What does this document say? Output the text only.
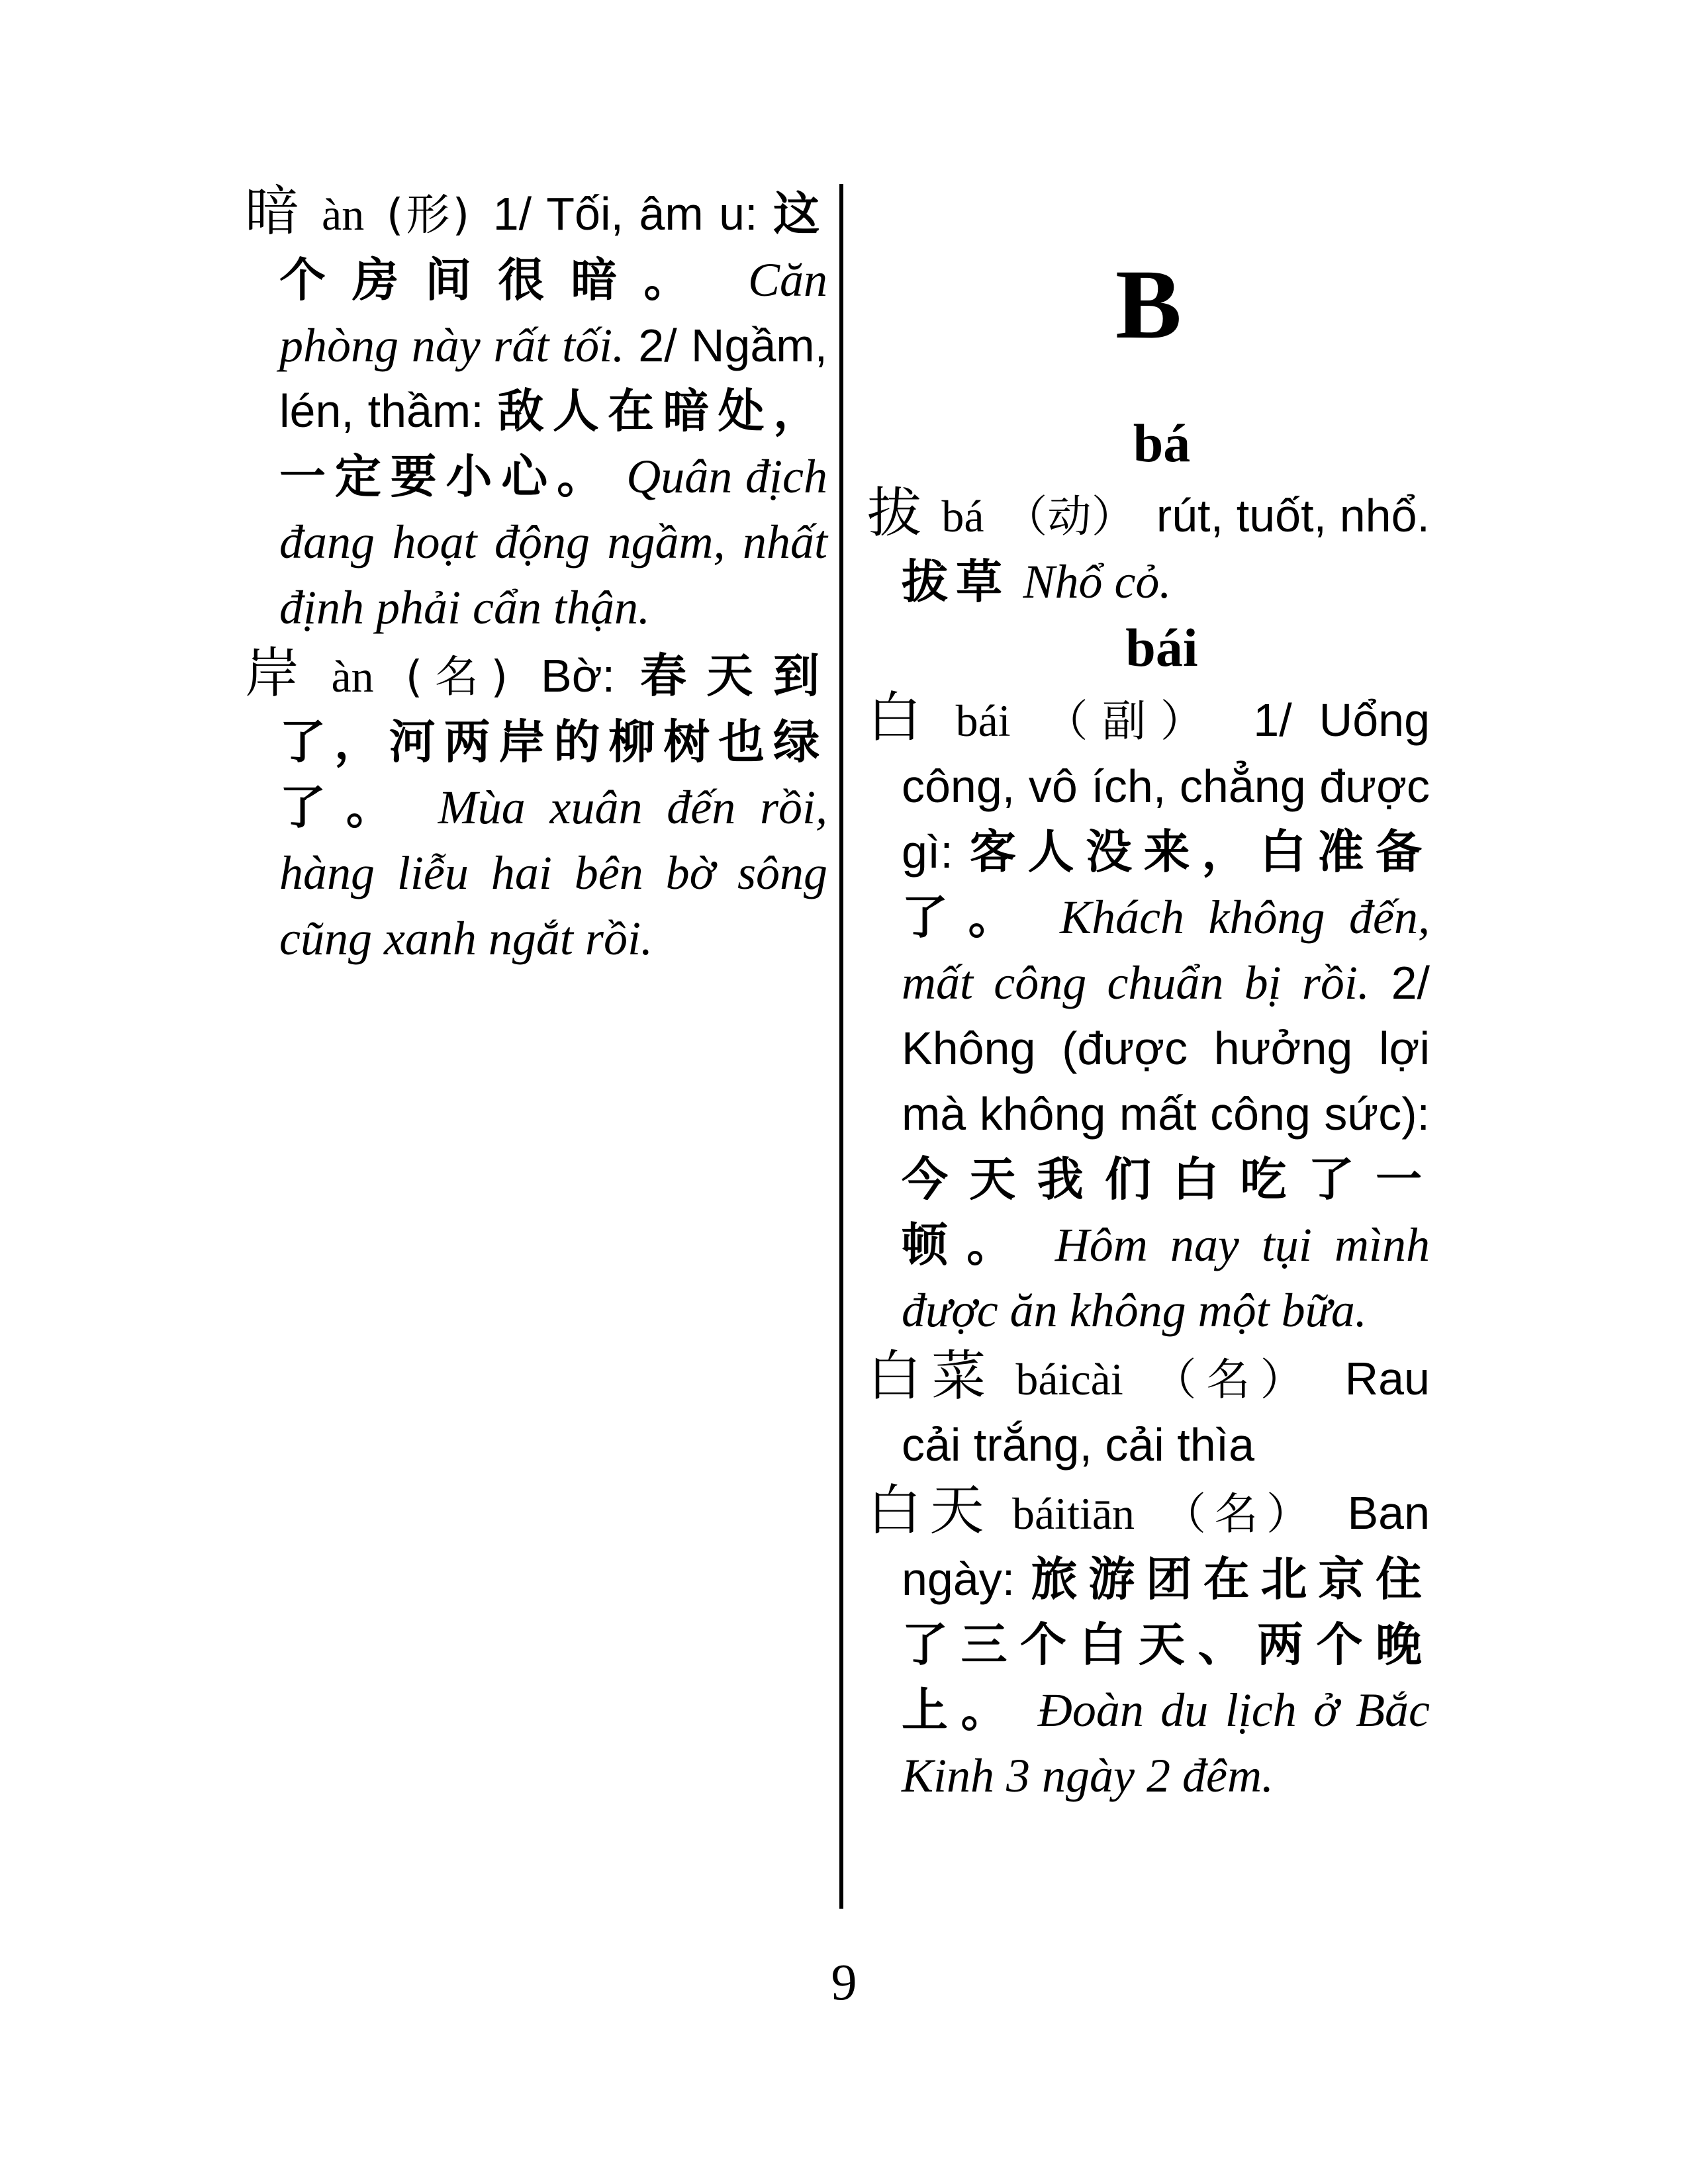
暗 àn (形) 1/ Tối, âm u: 这个房间很暗。 Căn phòng này rất tối. 2/ Ngầm, lén, thầm: 敌人在暗处，一定要小心。 Quân địch đang hoạt động ngầm, nhất định phải cẩn thận.

岸 àn (名) Bờ: 春天到了，河两岸的柳树也绿了。 Mùa xuân đến rồi, hàng liễu hai bên bờ sông cũng xanh ngắt rồi.

B
bá

拔 bá （动） rút, tuốt, nhổ. 拔草 Nhổ cỏ.

bái

白 bái （副） 1/ Uổng công, vô ích, chẳng được gì: 客人没来，白准备了。 Khách không đến, mất công chuẩn bị rồi. 2/ Không (được hưởng lợi mà không mất công sức): 今天我们白吃了一顿。 Hôm nay tụi mình được ăn không một bữa.

白菜 báicài （名） Rau cải trắng, cải thìa

白天 báitiān （名） Ban ngày: 旅游团在北京住了三个白天、两个晚上。 Đoàn du lịch ở Bắc Kinh 3 ngày 2 đêm.

9
